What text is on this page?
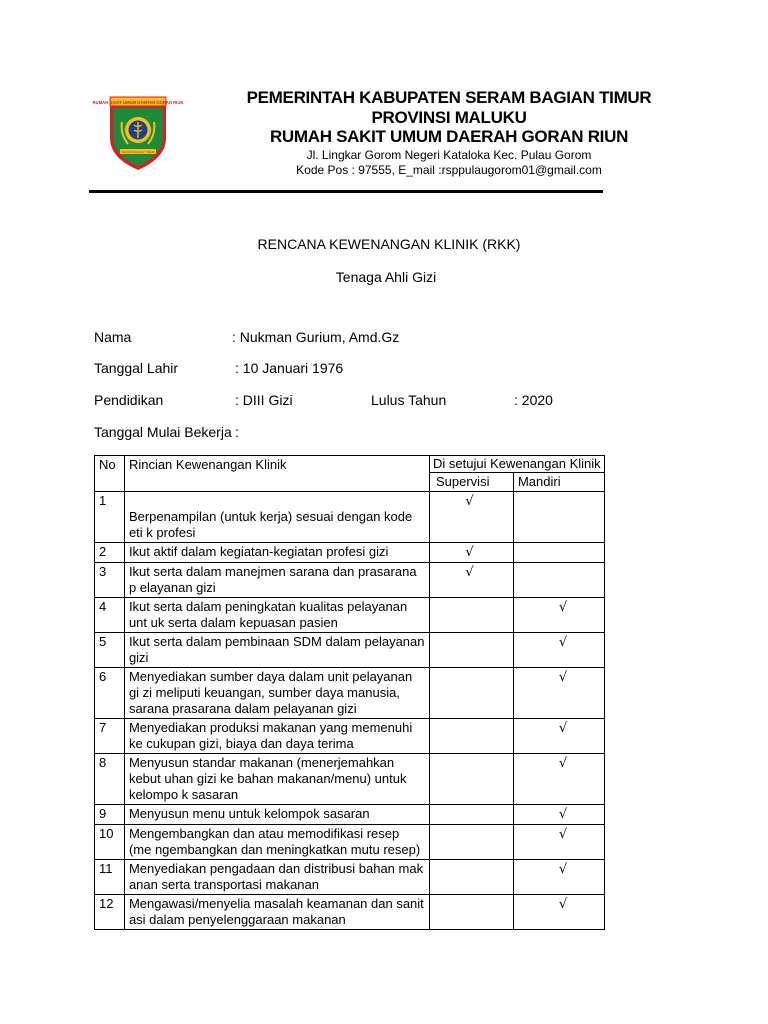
RUMAH SAKIT UMUM DAERAH GORAN RIUN
SERAM BAGIAN TIMUR
PEMERINTAH KABUPATEN SERAM BAGIAN TIMUR
PROVINSI MALUKU
RUMAH SAKIT UMUM DAERAH GORAN RIUN
Jl. Lingkar Gorom Negeri Kataloka Kec. Pulau Gorom
Kode Pos : 97555, E_mail :rsppulaugorom01@gmail.com
RENCANA KEWENANGAN KLINIK (RKK)
Tenaga Ahli Gizi
Nama	: Nukman Gurium, Amd.Gz
Tanggal Lahir	: 10 Januari 1976
Pendidikan	: DIII Gizi	Lulus Tahun	: 2020
Tanggal Mulai Bekerja :
No	Rincian Kewenangan Klinik	Di setujui Kewenangan Klinik	
		Supervisi	Mandiri
1	Berpenampilan (untuk kerja) sesuai dengan kode eti k profesi	√	
2	Ikut aktif dalam kegiatan-kegiatan profesi gizi	√	
3	Ikut serta dalam manejmen sarana dan prasarana p elayanan gizi	√	
4	Ikut serta dalam peningkatan kualitas pelayanan unt uk serta dalam kepuasan pasien		√
5	Ikut serta dalam pembinaan SDM dalam pelayanan gizi		√
6	Menyediakan sumber daya dalam unit pelayanan gi zi meliputi keuangan, sumber daya manusia, sarana prasarana dalam pelayanan gizi		√
7	Menyediakan produksi makanan yang memenuhi ke cukupan gizi, biaya dan daya terima		√
8	Menyusun standar makanan (menerjemahkan kebut uhan gizi ke bahan makanan/menu) untuk kelompo k sasaran		√
9	Menyusun menu untuk kelompok sasaran		√
10	Mengembangkan dan atau memodifikasi resep (me ngembangkan dan meningkatkan mutu resep)		√
11	Menyediakan pengadaan dan distribusi bahan mak anan serta transportasi makanan		√
12	Mengawasi/menyelia masalah keamanan dan sanit asi dalam penyelenggaraan makanan		√
